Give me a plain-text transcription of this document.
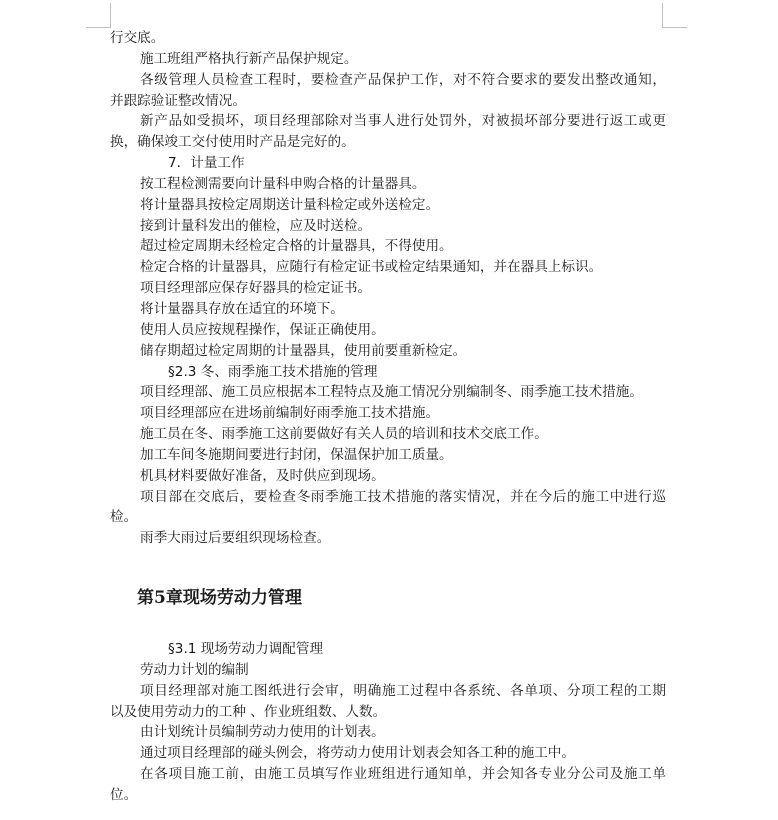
行交底。
施工班组严格执行新产品保护规定。
各级管理人员检查工程时，要检查产品保护工作，对不符合要求的要发出整改通知，
并跟踪验证整改情况。
新产品如受损坏，项目经理部除对当事人进行处罚外，对被损坏部分要进行返工或更
换，确保竣工交付使用时产品是完好的。
7．计量工作
按工程检测需要向计量科申购合格的计量器具。
将计量器具按检定周期送计量科检定或外送检定。
接到计量科发出的催检，应及时送检。
超过检定周期未经检定合格的计量器具，不得使用。
检定合格的计量器具，应随行有检定证书或检定结果通知，并在器具上标识。
项目经理部应保存好器具的检定证书。
将计量器具存放在适宜的环境下。
使用人员应按规程操作，保证正确使用。
储存期超过检定周期的计量器具，使用前要重新检定。
§2.3 冬、雨季施工技术措施的管理
项目经理部、施工员应根据本工程特点及施工情况分别编制冬、雨季施工技术措施。
项目经理部应在进场前编制好雨季施工技术措施。
施工员在冬、雨季施工这前要做好有关人员的培训和技术交底工作。
加工车间冬施期间要进行封闭，保温保护加工质量。
机具材料要做好准备，及时供应到现场。
项目部在交底后，要检查冬雨季施工技术措施的落实情况，并在今后的施工中进行巡
检。
雨季大雨过后要组织现场检查。
第5章现场劳动力管理
§3.1 现场劳动力调配管理
劳动力计划的编制
项目经理部对施工图纸进行会审，明确施工过程中各系统、各单项、分项工程的工期
以及使用劳动力的工种 、作业班组数、人数。
由计划统计员编制劳动力使用的计划表。
通过项目经理部的碰头例会，将劳动力使用计划表会知各工种的施工中。
在各项目施工前，由施工员填写作业班组进行通知单，并会知各专业分公司及施工单
位。
